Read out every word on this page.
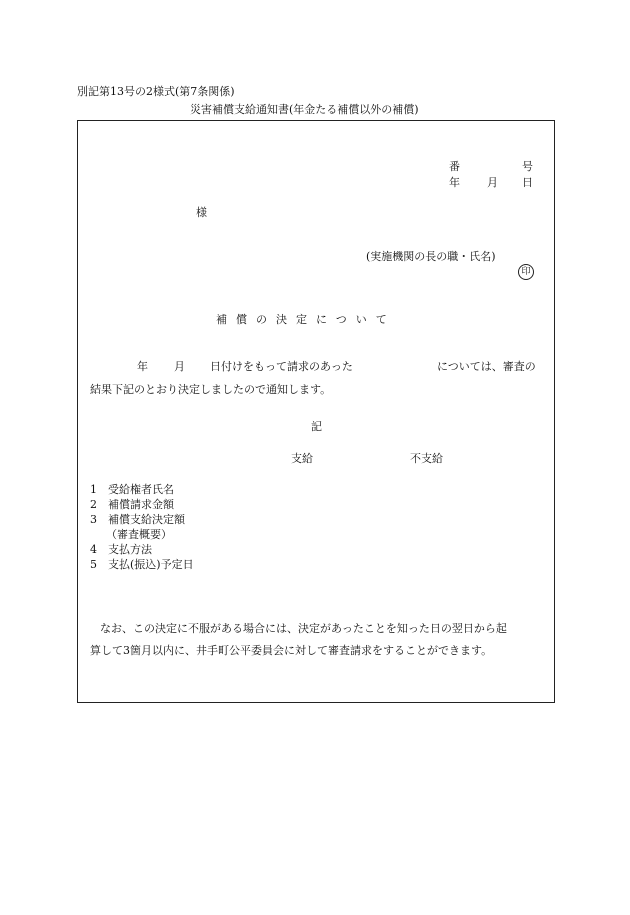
別記第13号の2様式(第7条関係)
災害補償支給通知書(年金たる補償以外の補償)
番	号
年 月 日
様
(実施機関の長の職・氏名)
印
補償の決定について
年 月 日付けをもって請求のあった	については、審査の
結果下記のとおり決定しましたので通知します。
記
支給	不支給
1　受給権者氏名
2　補償請求金額
3　補償支給決定額
（審査概要）
4　支払方法
5　支払(振込)予定日
なお、この決定に不服がある場合には、決定があったことを知った日の翌日から起
算して3箇月以内に、井手町公平委員会に対して審査請求をすることができます。
